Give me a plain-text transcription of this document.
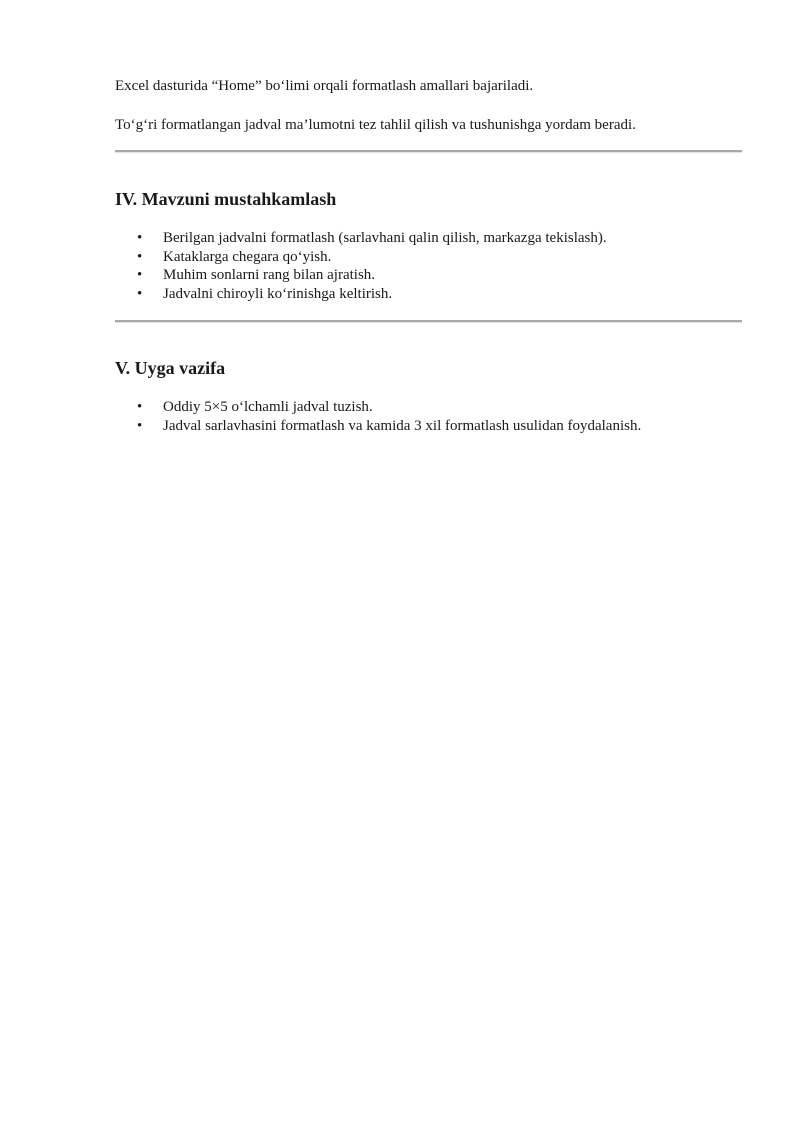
Excel dasturida “Home” bo‘limi orqali formatlash amallari bajariladi.

To‘g‘ri formatlangan jadval ma’lumotni tez tahlil qilish va tushunishga yordam beradi.

IV. Mavzuni mustahkamlash
• Berilgan jadvalni formatlash (sarlavhani qalin qilish, markazga tekislash).
• Kataklarga chegara qo‘yish.
• Muhim sonlarni rang bilan ajratish.
• Jadvalni chiroyli ko‘rinishga keltirish.
V. Uyga vazifa
• Oddiy 5×5 o‘lchamli jadval tuzish.
• Jadval sarlavhasini formatlash va kamida 3 xil formatlash usulidan foydalanish.
